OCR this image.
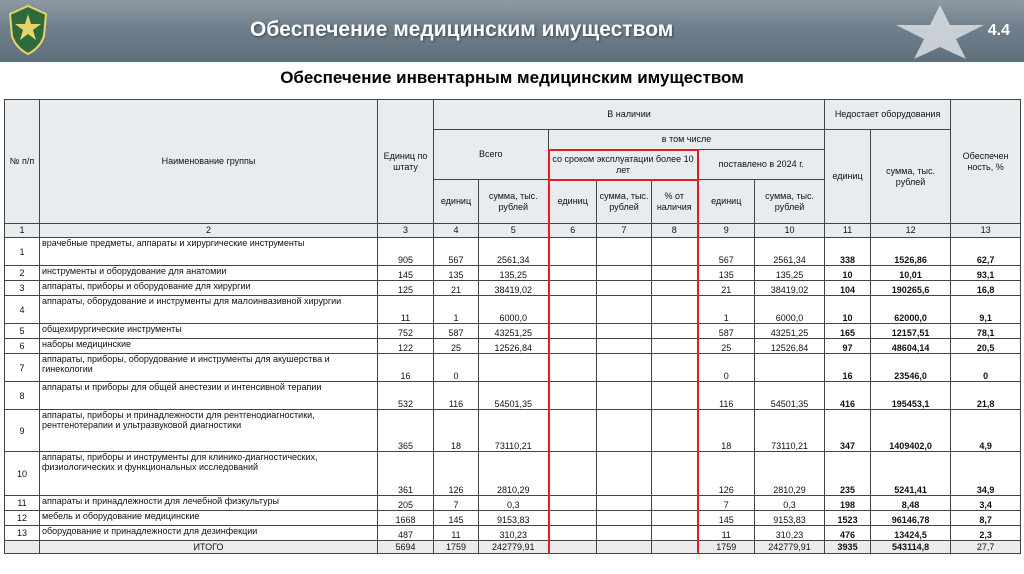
Обеспечение медицинским имуществом	4.4
Обеспечение инвентарным медицинским имуществом
№ п/п	Наименование группы	Единиц по штату	В наличии							Недостает оборудования		Обеспечен ность, %
			Всего		в том числе					единиц	сумма, тыс. рублей	
					со сроком эксплуатации более 10 лет			поставлено в 2024 г.				
			единиц	сумма, тыс. рублей	единиц	сумма, тыс. рублей	% от наличия	единиц	сумма, тыс. рублей			
1	2	3	4	5	6	7	8	9	10	11	12	13
1	врачебные предметы, аппараты и хирургические инструменты	905	567	2561,34				567	2561,34	338	1526,86	62,7
2	инструменты и оборудование для анатомии	145	135	135,25				135	135,25	10	10,01	93,1
3	аппараты, приборы и оборудование для хирургии	125	21	38419,02				21	38419,02	104	190265,6	16,8
4	аппараты, оборудование и инструменты для малоинвазивной хирургии	11	1	6000,0				1	6000,0	10	62000,0	9,1
5	общехирургические инструменты	752	587	43251,25				587	43251,25	165	12157,51	78,1
6	наборы медицинские	122	25	12526,84				25	12526,84	97	48604,14	20,5
7	аппараты, приборы, оборудование и инструменты для акушерства и гинекологии	16	0					0		16	23546,0	0
8	аппараты и приборы для общей анестезии и интенсивной терапии	532	116	54501,35				116	54501,35	416	195453,1	21,8
9	аппараты, приборы и принадлежности для рентгенодиагностики, рентгенотерапии и ультразвуковой диагностики	365	18	73110,21				18	73110,21	347	1409402,0	4,9
10	аппараты, приборы и инструменты для клинико-диагностических, физиологических и функциональных исследований	361	126	2810,29				126	2810,29	235	5241,41	34,9
11	аппараты и принадлежности для лечебной физкультуры	205	7	0,3				7	0,3	198	8,48	3,4
12	мебель и оборудование медицинские	1668	145	9153,83				145	9153,83	1523	96146,78	8,7
13	оборудование и принадлежности для дезинфекции	487	11	310,23				11	310,23	476	13424,5	2,3
	ИТОГО	5694	1759	242779,91				1759	242779,91	3935	543114,8	27,7
